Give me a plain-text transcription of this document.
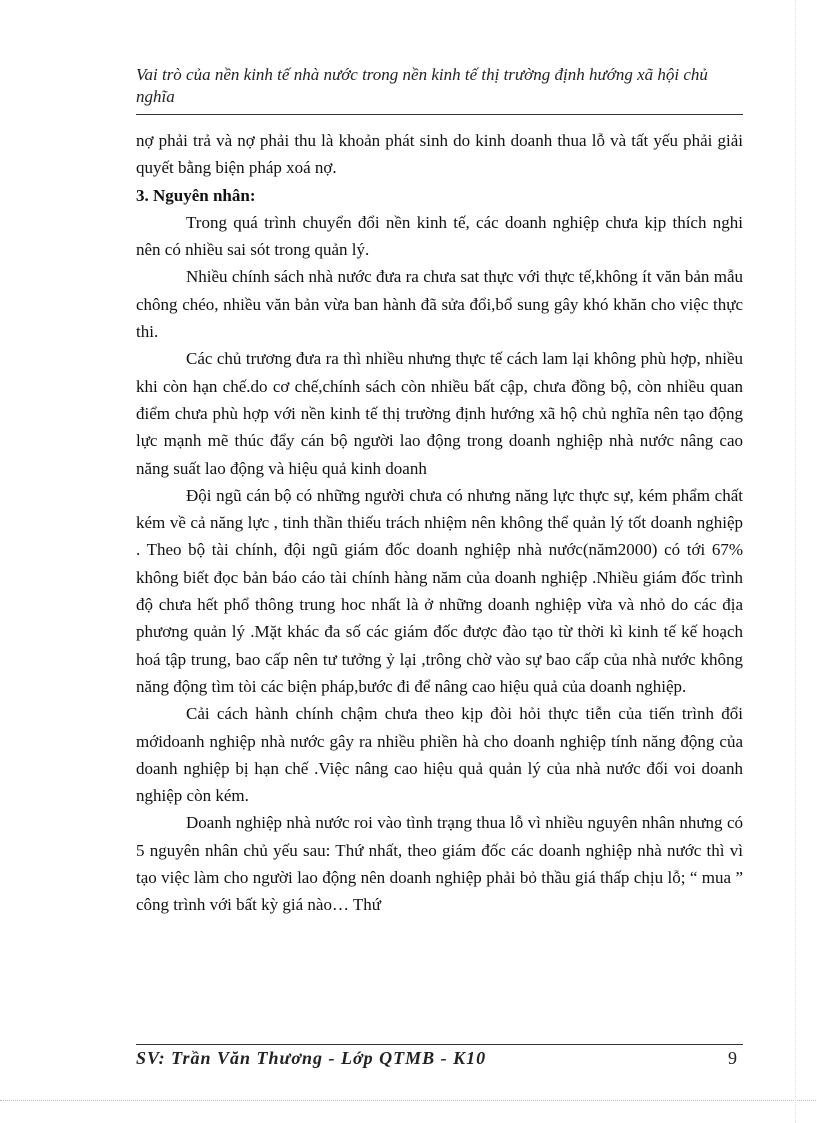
Vai trò của nền kinh tế nhà nước trong nền kinh tế thị trường định hướng xã hội chủ nghĩa

nợ phải trả và nợ phải thu là khoản phát sinh do kinh doanh thua lỗ và tất yếu phải giải quyết bằng biện pháp xoá nợ.

3. Nguyên nhân:

Trong quá trình chuyển đổi nền kinh tế, các doanh nghiệp chưa kịp thích nghi nên có nhiều sai sót trong quản lý.

Nhiều chính sách nhà nước đưa ra chưa sat thực với thực tế,không ít văn bản mẫu chông chéo, nhiều văn bản vừa ban hành đã sửa đổi,bổ sung gây khó khăn cho việc thực thi.

Các chủ trương đưa ra thì nhiều nhưng thực tế cách lam lại không phù hợp, nhiều khi còn hạn chế.do cơ chế,chính sách còn nhiều bất cập, chưa đồng bộ, còn nhiều quan điểm chưa phù hợp với nền kinh tế thị trường định hướng xã hộ chủ nghĩa nên tạo động lực mạnh mẽ thúc đẩy cán bộ người lao động trong doanh nghiệp nhà nước nâng cao năng suất lao động và hiệu quả kinh doanh

Đội ngũ cán bộ có những người chưa có nhưng năng lực thực sự, kém phẩm chất kém về cả năng lực , tinh thần thiếu trách nhiệm nên không thể quản lý tốt doanh nghiệp . Theo bộ tài chính, đội ngũ giám đốc doanh nghiệp nhà nước(năm2000) có tới 67% không biết đọc bản báo cáo tài chính hàng năm của doanh nghiệp .Nhiều giám đốc trình độ chưa hết phổ thông trung hoc nhất là ở những doanh nghiệp vừa và nhỏ do các địa phương quản lý .Mặt khác đa số các giám đốc được đào tạo từ thời kì kinh tế kế hoạch hoá tập trung, bao cấp nên tư tưởng ỷ lại ,trông chờ vào sự bao cấp của nhà nước không năng động tìm tòi các biện pháp,bước đi để nâng cao hiệu quả của doanh nghiệp.

Cải cách hành chính chậm chưa theo kịp đòi hỏi thực tiễn của tiến trình đổi mớidoanh nghiệp nhà nước gây ra nhiều phiền hà cho doanh nghiệp tính năng động của doanh nghiệp bị hạn chế .Việc nâng cao hiệu quả quản lý của nhà nước đối voi doanh nghiệp còn kém.

Doanh nghiệp nhà nước roi vào tình trạng thua lỗ vì nhiều nguyên nhân nhưng có 5 nguyên nhân chủ yếu sau: Thứ nhất, theo giám đốc các doanh nghiệp nhà nước thì vì tạo việc làm cho người lao động nên doanh nghiệp phải bỏ thầu giá thấp chịu lỗ; “ mua ” công trình với bất kỳ giá nào… Thứ

SV: Trần Văn Thương - Lớp QTMB - K10	9
